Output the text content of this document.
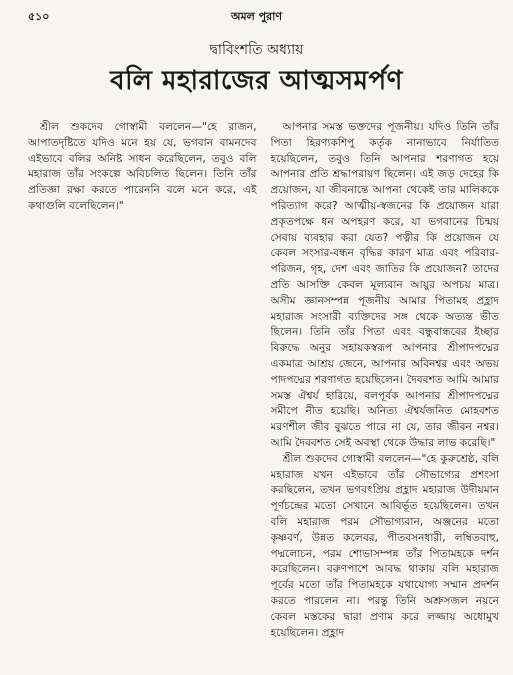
৫১০	অমল পুরাণ
দ্বাবিংশতি অধ্যায়
বলি মহারাজের আত্মসমর্পণ

শ্রীল শুকদেব গোস্বামী বললেন—"হে রাজন, আপাতদৃষ্টিতে যদিও মনে হয় যে, ভগবান বামনদেব এইভাবে বলির অনিষ্ট সাধন করেছিলেন, তবুও বলি মহারাজ তাঁর সংকল্পে অবিচলিত ছিলেন। তিনি তাঁর প্রতিজ্ঞা রক্ষা করতে পারেননি বলে মনে করে, এই কথাগুলি বলেছিলেন।"

আপনার সমস্ত ভক্তদের পূজনীয়। যদিও তিনি তাঁর পিতা হিরণ্যকশিপু কর্তৃক নানাভাবে নির্যাতিত হয়েছিলেন, তবুও তিনি আপনার শরণাগত হয়ে আপনার প্রতি শ্রদ্ধাপরায়ণ ছিলেন। এই জড় দেহের কি প্রয়োজন, যা জীবনান্তে আপনা থেকেই তার মালিককে পরিত্যাগ করে? আত্মীয়-স্বজনের কি প্রয়োজন যারা প্রকৃতপক্ষে ধন অপহরণ করে, যা ভগবানের চিন্ময় সেবায় ব্যবহার করা যেত? পত্নীর কি প্রয়োজন যে কেবল সংসার-বন্ধন বৃদ্ধির কারণ মাত্র এবং পরিবার-পরিজন, গৃহ, দেশ এবং জাতির কি প্রয়োজন? তাদের প্রতি আসক্তি কেবল মূল্যবান আয়ুর অপচয় মাত্র। অসীম জ্ঞানসম্পন্ন পূজনীয় আমার পিতামহ প্রহ্লাদ মহারাজ সংসারী ব্যক্তিদের সঙ্গ থেকে অত্যন্ত ভীত ছিলেন। তিনি তাঁর পিতা এবং বন্ধুবান্ধবের ইচ্ছার বিরুদ্ধে অনুর সহায়কস্বরূপ আপনার শ্রীপাদপদ্মের একমাত্র আশ্রয় জেনে, আপনার অবিনশ্বর এবং অভয় পাদপদ্মের শরণাগত হয়েছিলেন। দৈববশত আমি আমার সমস্ত ঐশ্বর্য হারিয়ে, বলপূর্বক আপনার শ্রীপাদপদ্মের সমীপে নীত হয়েছি। অনিত্য ঐশ্বর্যজনিত মোহবশত মরণশীল জীব বুঝতে পারে না যে, তার জীবন নশ্বর। আমি দৈববশত সেই অবস্থা থেকে উদ্ধার লাভ করেছি।"

শ্রীল শুকদেব গোস্বামী বললেন—"হে কুরুশ্রেষ্ঠ, বলি মহারাজ যখন এইভাবে তাঁর সৌভাগ্যের প্রশংসা করছিলেন, তখন ভগবৎপ্রিয় প্রহ্লাদ মহারাজ উদীয়মান পূর্ণচন্দ্রের মতো সেখানে আবির্ভূত হয়েছিলেন। তখন বলি মহারাজ পরম সৌভাগ্যবান, অঞ্জনের মতো কৃষ্ণবর্ণ, উন্নত কলেবর, পীতবসনধারী, লম্বিতবাহু, পদ্মলোচন, পরম শোভাসম্পন্ন তাঁর পিতামহকে দর্শন করেছিলেন। বরুণপাশে আবদ্ধ থাকায় বলি মহারাজ পূর্বের মতো তাঁর পিতামহকে যথাযোগ্য সম্মান প্রদর্শন করতে পারলেন না। পরন্তু তিনি অশ্রুসজল নয়নে কেবল মস্তকের দ্বারা প্রণাম করে লজ্জায় অধোমুখ হয়েছিলেন। প্রহ্লাদ
